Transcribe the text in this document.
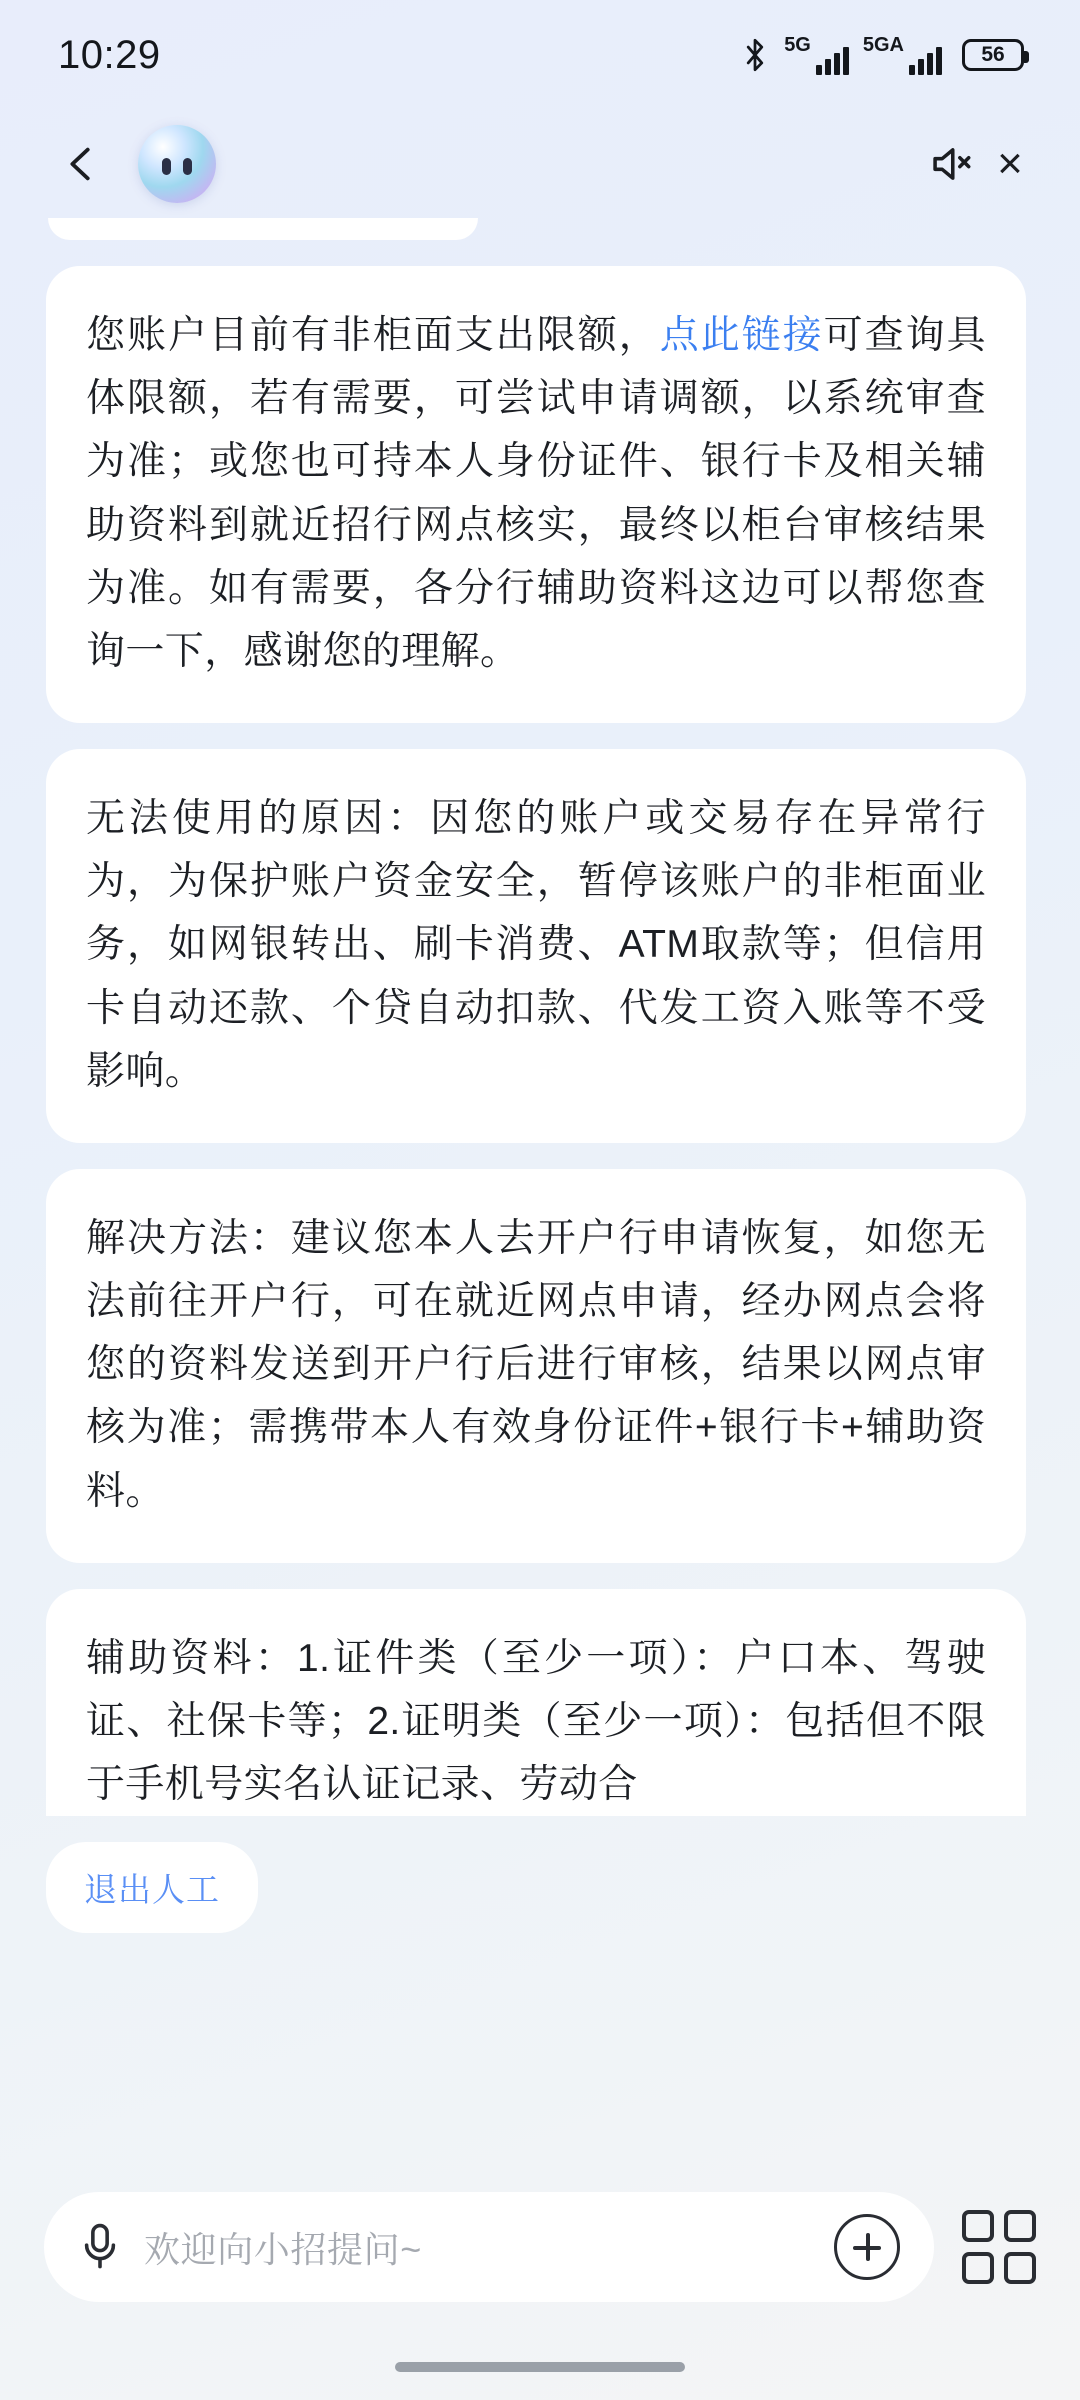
10:29	5G	5GA	56
×

您账户目前有非柜面支出限额，点此链接可查询具体限额，若有需要，可尝试申请调额，以系统审查为准；或您也可持本人身份证件、银行卡及相关辅助资料到就近招行网点核实，最终以柜台审核结果为准。如有需要，各分行辅助资料这边可以帮您查询一下，感谢您的理解。

无法使用的原因：因您的账户或交易存在异常行为，为保护账户资金安全，暂停该账户的非柜面业务，如网银转出、刷卡消费、ATM取款等；但信用卡自动还款、个贷自动扣款、代发工资入账等不受影响。

解决方法：建议您本人去开户行申请恢复，如您无法前往开户行，可在就近网点申请，经办网点会将您的资料发送到开户行后进行审核，结果以网点审核为准；需携带本人有效身份证件+银行卡+辅助资料。

辅助资料：1.证件类（至少一项）：户口本、驾驶证、社保卡等；2.证明类（至少一项）：包括但不限于手机号实名认证记录、劳动合

退出人工
欢迎向小招提问~
